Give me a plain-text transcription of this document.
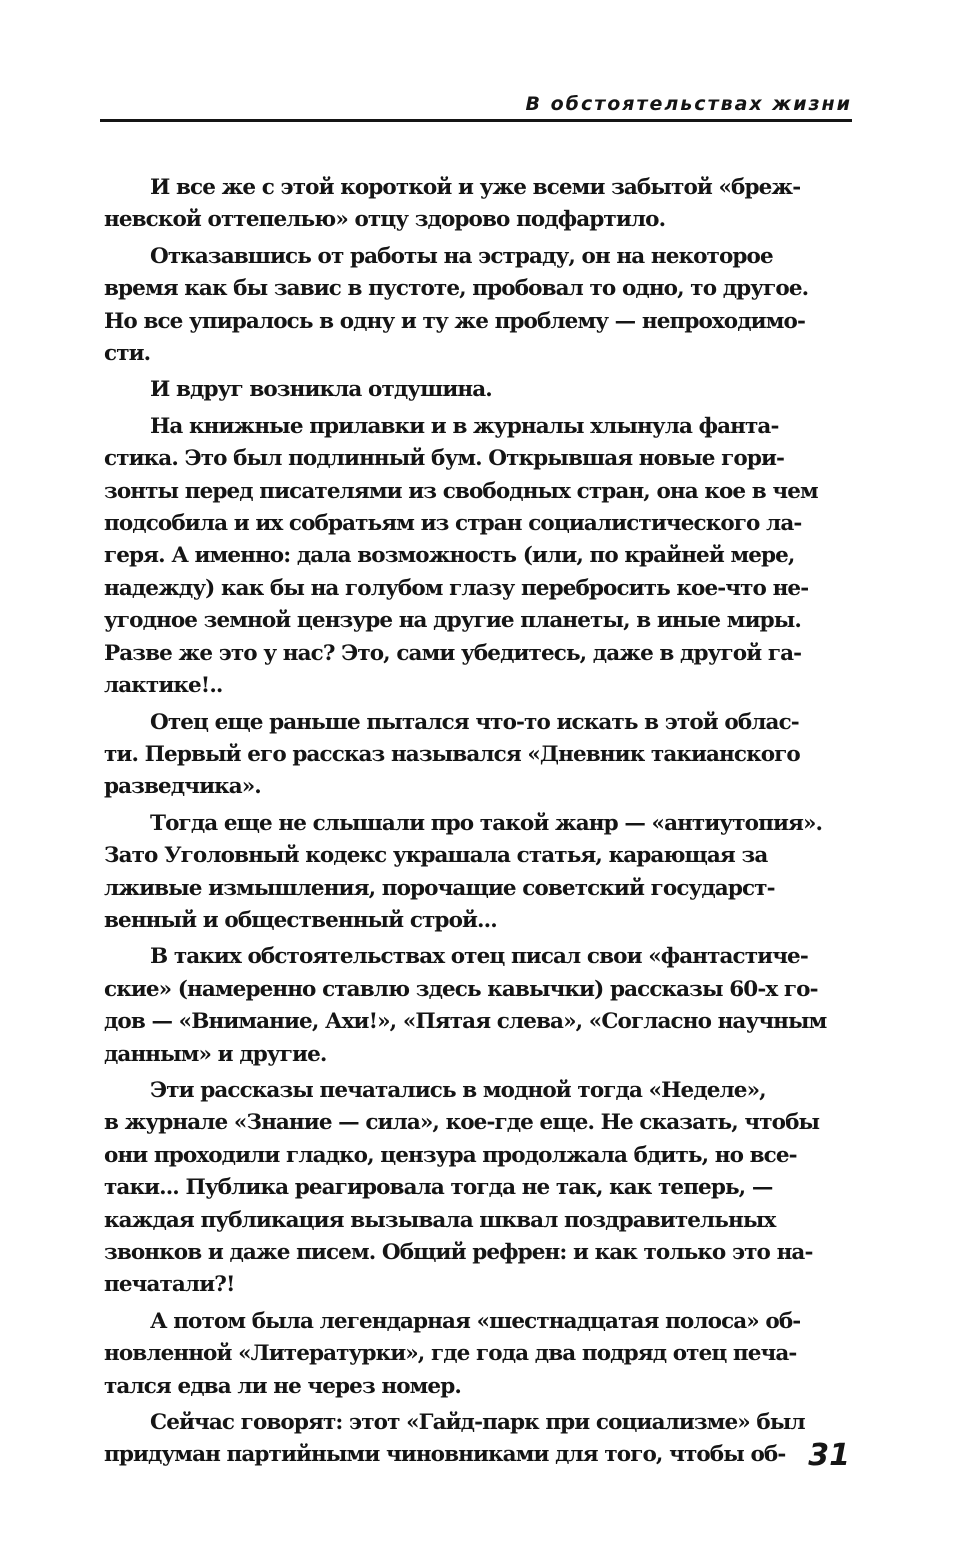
В обстоятельствах жизни

И все же с этой короткой и уже всеми забытой «бреж-
невской оттепелью» отцу здорово подфартило.

Отказавшись от работы на эстраду, он на некоторое
время как бы завис в пустоте, пробовал то одно, то другое.
Но все упиралось в одну и ту же проблему — непроходимо-
сти.

И вдруг возникла отдушина.

На книжные прилавки и в журналы хлынула фанта-
стика. Это был подлинный бум. Открывшая новые гори-
зонты перед писателями из свободных стран, она кое в чем
подсобила и их собратьям из стран социалистического ла-
геря. А именно: дала возможность (или, по крайней мере,
надежду) как бы на голубом глазу перебросить кое-что не-
угодное земной цензуре на другие планеты, в иные миры.
Разве же это у нас? Это, сами убедитесь, даже в другой га-
лактике!..

Отец еще раньше пытался что-то искать в этой облас-
ти. Первый его рассказ назывался «Дневник такианского
разведчика».

Тогда еще не слышали про такой жанр — «антиутопия».
Зато Уголовный кодекс украшала статья, карающая за
лживые измышления, порочащие советский государст-
венный и общественный строй...

В таких обстоятельствах отец писал свои «фантастиче-
ские» (намеренно ставлю здесь кавычки) рассказы 60-х го-
дов — «Внимание, Ахи!», «Пятая слева», «Согласно научным
данным» и другие.

Эти рассказы печатались в модной тогда «Неделе»,
в журнале «Знание — сила», кое-где еще. Не сказать, чтобы
они проходили гладко, цензура продолжала бдить, но все-
таки... Публика реагировала тогда не так, как теперь, —
каждая публикация вызывала шквал поздравительных
звонков и даже писем. Общий рефрен: и как только это на-
печатали?!

А потом была легендарная «шестнадцатая полоса» об-
новленной «Литературки», где года два подряд отец печа-
тался едва ли не через номер.

Сейчас говорят: этот «Гайд-парк при социализме» был
придуман партийными чиновниками для того, чтобы об- 31
